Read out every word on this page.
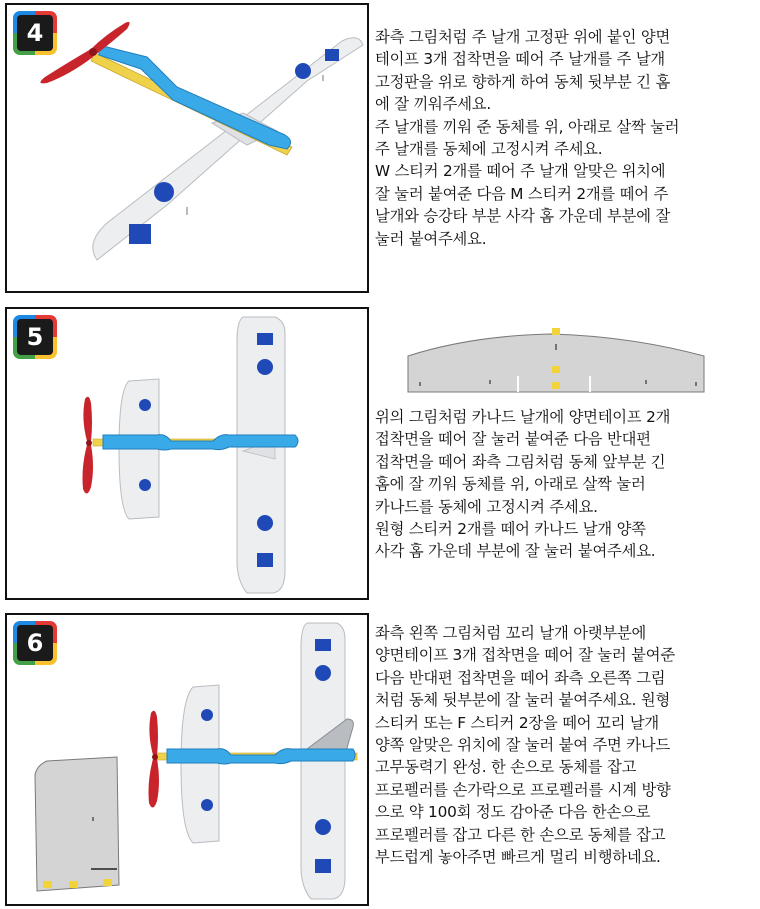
4	좌측 그림처럼 주 날개 고정판 위에 붙인 양면

테이프 3개 접착면을 떼어 주 날개를 주 날개

고정판을 위로 향하게 하여 동체 뒷부분 긴 홈

에 잘 끼워주세요.

주 날개를 끼워 준 동체를 위, 아래로 살짝 눌러

주 날개를 동체에 고정시켜 주세요.

W 스티커 2개를 떼어 주 날개 알맞은 위치에

잘 눌러 붙여준 다음 M 스티커 2개를 떼어 주

날개와 승강타 부분 사각 홈 가운데 부분에 잘

눌러 붙여주세요.

5

위의 그림처럼 카나드 날개에 양면테이프 2개

접착면을 떼어 잘 눌러 붙여준 다음 반대편

접착면을 떼어 좌측 그림처럼 동체 앞부분 긴

홈에 잘 끼워 동체를 위, 아래로 살짝 눌러

카나드를 동체에 고정시켜 주세요.

원형 스티커 2개를 떼어 카나드 날개 양쪽

사각 홈 가운데 부분에 잘 눌러 붙여주세요.

6	좌측 왼쪽 그림처럼 꼬리 날개 아랫부분에

양면테이프 3개 접착면을 떼어 잘 눌러 붙여준

다음 반대편 접착면을 떼어 좌측 오른쪽 그림

처럼 동체 뒷부분에 잘 눌러 붙여주세요. 원형

스티커 또는 F 스티커 2장을 떼어 꼬리 날개

양쪽 알맞은 위치에 잘 눌러 붙여 주면 카나드

고무동력기 완성. 한 손으로 동체를 잡고

프로펠러를 손가락으로 프로펠러를 시계 방향

으로 약 100회 정도 감아준 다음 한손으로

프로펠러를 잡고 다른 한 손으로 동체를 잡고

부드럽게 놓아주면 빠르게 멀리 비행하네요.
